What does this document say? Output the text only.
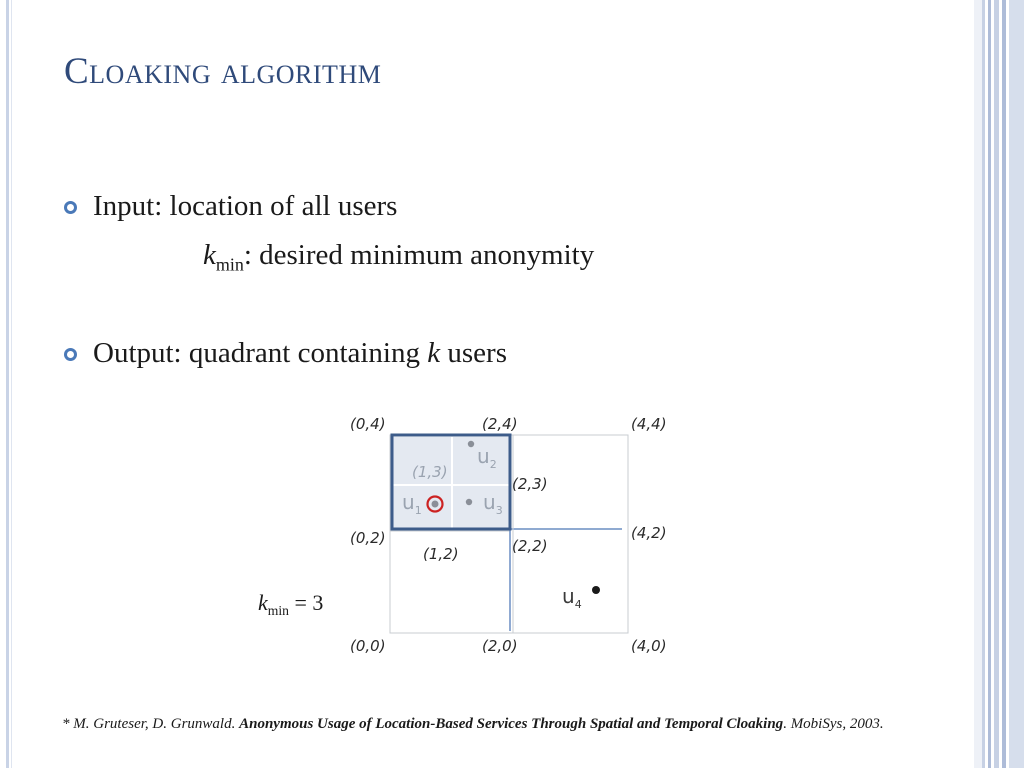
Cloaking algorithm
Input: location of all users
$k_{min}$: desired minimum anonymity
Output: quadrant containing k users
$k_{min} = 3$
(0,4)	(2,4)	(4,4)
(0,2)	(4,2)
(0,0)	(2,0)	(4,0)
(1,3)
(2,3)
(1,2)	(2,2)
$u_1$
$u_2$
$u_3$
$u_4$
* M. Gruteser, D. Grunwald. Anonymous Usage of Location-Based Services Through Spatial and Temporal Cloaking. MobiSys, 2003.
